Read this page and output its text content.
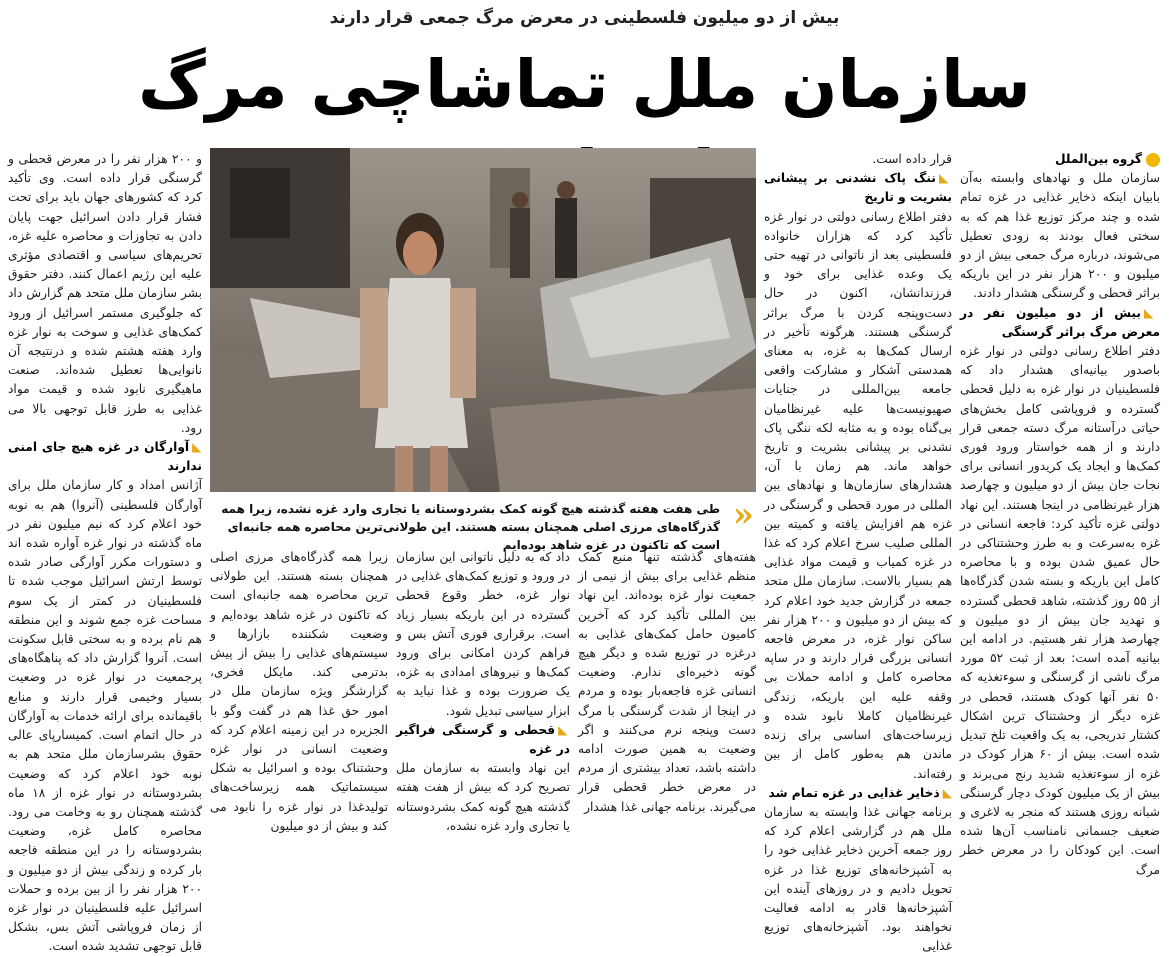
بیش از دو میلیون فلسطینی در معرض مرگ جمعی قرار دارند
سازمان ملل تماشاچی مرگ

گروه بین‌الملل

سازمان ملل و نهادهای وابسته به‌آن بابیان اینکه ذخایر غذایی در غزه تمام شده و چند مرکز توزیع غذا هم که به سختی فعال بودند به زودی تعطیل می‌شوند، درباره مرگ جمعی بیش از دو میلیون و ۲۰۰ هزار نفر در این باریکه براثر قحطی و گرسنگی هشدار دادند.

◣بیش از دو میلیون نفر در معرض مرگ براثر گرسنگی

دفتر اطلاع رسانی دولتی در نوار غزه باصدور بیانیه‌ای هشدار داد که فلسطینیان در نوار غزه به دلیل قحطی گسترده و فروپاشی کامل بخش‌های حیاتی درآستانه مرگ دسته جمعی قرار دارند و از همه خواستار ورود فوری کمک‌ها و ایجاد یک کریدور انسانی برای نجات جان بیش از دو میلیون و چهارصد هزار غیرنظامی در اینجا هستند. این نهاد دولتی غزه تأکید کرد: فاجعه انسانی در غزه به‌سرعت و به طرز وحشتناکی در حال عمیق شدن بوده و با محاصره کامل این باریکه و بسته شدن گذرگاه‌ها از ۵۵ روز گذشته، شاهد قحطی گسترده و تهدید جان بیش از دو میلیون و چهارصد هزار نفر هستیم. در ادامه این بیانیه آمده است: بعد از ثبت ۵۲ مورد مرگ ناشی از گرسنگی و سوءتغذیه که ۵۰ نفر آنها کودک هستند، قحطی در غزه دیگر از وحشتناک ترین اشکال کشتار تدریجی، به یک واقعیت تلخ تبدیل شده است. بیش از ۶۰ هزار کودک در غزه از سوءتغذیه شدید رنج می‌برند و بیش از یک میلیون کودک دچار گرسنگی شبانه روزی هستند که منجر به لاغری و ضعیف جسمانی نامناسب آن‌ها شده است. این کودکان را در معرض خطر مرگ

قرار داده است.

◣ننگ پاک نشدنی بر پیشانی بشریت و تاریخ

دفتر اطلاع رسانی دولتی در نوار غزه تأکید کرد که هزاران خانواده فلسطینی بعد از ناتوانی در تهیه حتی یک وعده غذایی برای خود و فرزندانشان، اکنون در حال دست‌وپنجه کردن با مرگ براثر گرسنگی هستند. هرگونه تأخیر در ارسال کمک‌ها به غزه، به معنای همدستی آشکار و مشارکت واقعی جامعه بین‌المللی در جنایات صهیونیست‌ها علیه غیرنظامیان بی‌گناه بوده و به مثابه لکه ننگی پاک نشدنی بر پیشانی بشریت و تاریخ خواهد ماند. هم زمان با آن، هشدارهای سازمان‌ها و نهادهای بین المللی در مورد قحطی و گرسنگی در غزه هم افزایش یافته و کمیته بین المللی صلیب سرخ اعلام کرد که غذا در غزه کمیاب و قیمت مواد غذایی هم بسیار بالاست. سازمان ملل متحد جمعه در گزارش جدید خود اعلام کرد که بیش از دو میلیون و ۲۰۰ هزار نفر ساکن نوار غزه، در معرض فاجعه انسانی بزرگی قرار دارند و در ساپه محاصره کامل و ادامه حملات بی وقفه علیه این باریکه، زندگی غیرنظامیان کاملا نابود شده و زیرساخت‌های اساسی برای زنده ماندن هم به‌طور کامل از بین رفته‌اند.

◣ذخایر غذایی در غزه تمام شد

برنامه جهانی غذا وابسته به سازمان ملل هم در گزارشی اعلام کرد که روز جمعه آخرین ذخایر غذایی خود را به آشپزخانه‌های توزیع غذا در غزه تحویل دادیم و در روزهای آینده این آشپزخانه‌ها قادر به ادامه فعالیت نخواهند بود. آشپزخانه‌های توزیع غذایی

«
طی هفت هفته گذشته هیچ گونه کمک بشردوستانه یا تجاری وارد غزه نشده، زیرا همه گذرگاه‌های مرزی اصلی همچنان بسته هستند. این طولانی‌ترین محاصره همه جانبه‌ای است که تاکنون در غزه شاهد بوده‌ایم

هفته‌های گذشته تنها منبع کمک منظم غذایی برای بیش از نیمی از جمعیت نوار غزه بوده‌اند. این نهاد بین المللی تأکید کرد که آخرین کامیون حامل کمک‌های غذایی به درغزه در توزیع شده و دیگر هیچ گونه ذخیره‌ای ندارم. وضعیت انسانی غزه فاجعه‌بار بوده و مردم در اینجا از شدت گرسنگی با مرگ دست وپنجه نرم می‌کنند و اگر وضعیت به همین صورت ادامه داشته باشد، تعداد بیشتری از مردم در معرض خطر قحطی قرار می‌گیرند. برنامه جهانی غذا هشدار

داد که به دلیل ناتوانی این سازمان در ورود و توزیع کمک‌های غذایی در نوار غزه، خطر وقوع قحطی گسترده در این باریکه بسیار زیاد است. برقراری فوری آتش بس و فراهم کردن امکانی برای ورود کمک‌ها و نیروهای امدادی به غزه، یک ضرورت بوده و غذا نباید به ابزار سیاسی تبدیل شود.

◣قحطی و گرسنگی فراگیر در غزه

این نهاد وابسته به سازمان ملل تصریح کرد که بیش از هفت هفته گذشته هیچ گونه کمک بشردوستانه یا تجاری وارد غزه نشده،

زیرا همه گذرگاه‌های مرزی اصلی همچنان بسته هستند. این طولانی ترین محاصره همه جانبه‌ای است که تاکنون در غزه شاهد بوده‌ایم و وضعیت شکننده بازارها و سیستم‌های غذایی را بیش از پیش بدترمی کند. مایکل فخری، گزارشگر ویژه سازمان ملل در امور حق غذا هم در گفت وگو با الجزیره در این زمینه اعلام کرد که وضعیت انسانی در نوار غزه وحشتناک بوده و اسرائیل به شکل سیستماتیک همه زیرساخت‌های تولیدغذا در نوار غزه را نابود می کند و بیش از دو میلیون

و ۲۰۰ هزار نفر را در معرض قحطی و گرسنگی قرار داده است. وی تأکید کرد که کشورهای جهان باید برای تحت فشار قرار دادن اسرائیل جهت پایان دادن به تجاوزات و محاصره علیه غزه، تحریم‌های سیاسی و اقتصادی مؤثری علیه این رژیم اعمال کنند. دفتر حقوق بشر سازمان ملل متحد هم گزارش داد که جلوگیری مستمر اسرائیل از ورود کمک‌های غذایی و سوخت به نوار غزه وارد هفته هشتم شده و درنتیجه آن نانوایی‌ها تعطیل شده‌اند. صنعت ماهیگیری نابود شده و قیمت مواد غذایی به طرز قابل توجهی بالا می رود.

◣آوارگان در غزه هیچ جای امنی ندارند

آژانس امداد و کار سازمان ملل برای آوارگان فلسطینی (آنروا) هم به نوبه خود اعلام کرد که نیم میلیون نفر در ماه گذشته در نوار غزه آواره شده اند و دستورات مکرر آوارگی صادر شده توسط ارتش اسرائیل موجب شده تا فلسطینیان در کمتر از یک سوم مساحت غزه جمع شوند و این منطقه هم نام برده و به سختی قابل سکونت است. آنروا گزارش داد که پناهگاه‌های پرجمعیت در نوار غزه در وضعیت بسیار وخیمی قرار دارند و منابع باقیمانده برای ارائه خدمات به آوارگان در حال اتمام است. کمیسارپای عالی حقوق بشرسازمان ملل متحد هم به نوبه خود اعلام کرد که وضعیت بشردوستانه در نوار غزه از ۱۸ ماه گذشته همچنان رو به وخامت می رود. محاصره کامل غزه، وضعیت بشردوستانه را در این منطقه فاجعه بار کرده و زندگی بیش از دو میلیون و ۲۰۰ هزار نفر را از بین برده و حملات اسرائیل علیه فلسطینیان در نوار غزه از زمان فروپاشی آتش بس، بشکل قابل توجهی تشدید شده است.
